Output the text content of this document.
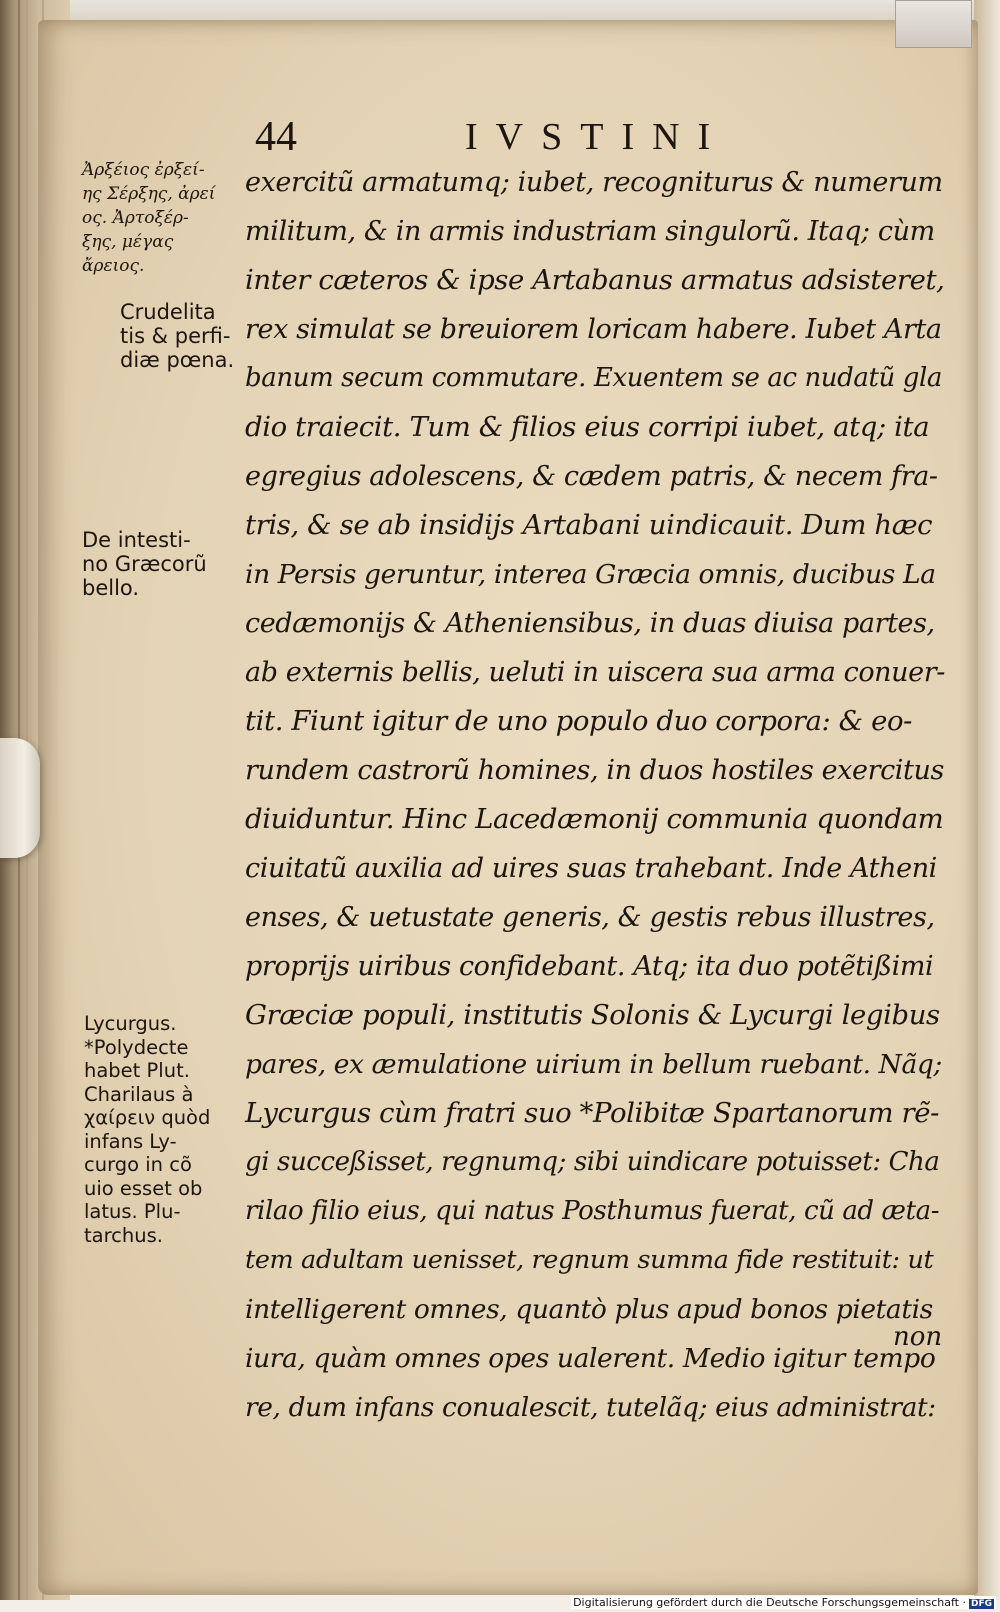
44	IVSTINI
Ἀρξέιος ἐρξεί-
ης Σέρξης, ἀρεί
ος. Ἀρτοξέρ-
ξης, μέγας
ἄρειος.
Crudelita
tis & perfi-
diæ pœna.
De intesti-
no Græcorũ
bello.
Lycurgus.
*Polydecte
habet Plut.
Charilaus à
χαίρειν quòd
infans Ly-
curgo in cõ
uio esset ob
latus. Plu-
tarchus.
exercitũ armatumq; iubet, recogniturus & numerum
militum, & in armis industriam singulorũ. Itaq; cùm
inter cæteros & ipse Artabanus armatus adsisteret,
rex simulat se breuiorem loricam habere. Iubet Arta
banum secum commutare. Exuentem se ac nudatũ gla
dio traiecit. Tum & filios eius corripi iubet, atq; ita
egregius adolescens, & cædem patris, & necem fra-
tris, & se ab insidijs Artabani uindicauit. Dum hæc
in Persis geruntur, interea Græcia omnis, ducibus La
cedæmonijs & Atheniensibus, in duas diuisa partes,
ab externis bellis, ueluti in uiscera sua arma conuer-
tit. Fiunt igitur de uno populo duo corpora: & eo-
rundem castrorũ homines, in duos hostiles exercitus
diuiduntur. Hinc Lacedæmonij communia quondam
ciuitatũ auxilia ad uires suas trahebant. Inde Atheni
enses, & uetustate generis, & gestis rebus illustres,
proprijs uiribus confidebant. Atq; ita duo potẽtißimi
Græciæ populi, institutis Solonis & Lycurgi legibus
pares, ex æmulatione uirium in bellum ruebant. Nãq;
Lycurgus cùm fratri suo *Polibitæ Spartanorum rẽ-
gi succeßisset, regnumq; sibi uindicare potuisset: Cha
rilao filio eius, qui natus Posthumus fuerat, cũ ad æta-
tem adultam uenisset, regnum summa fide restituit: ut
intelligerent omnes, quantò plus apud bonos pietatis
iura, quàm omnes opes ualerent. Medio igitur tempo
re, dum infans conualescit, tutelãq; eius administrat:
non
Digitalisierung gefördert durch die Deutsche Forschungsgemeinschaft · DFG
